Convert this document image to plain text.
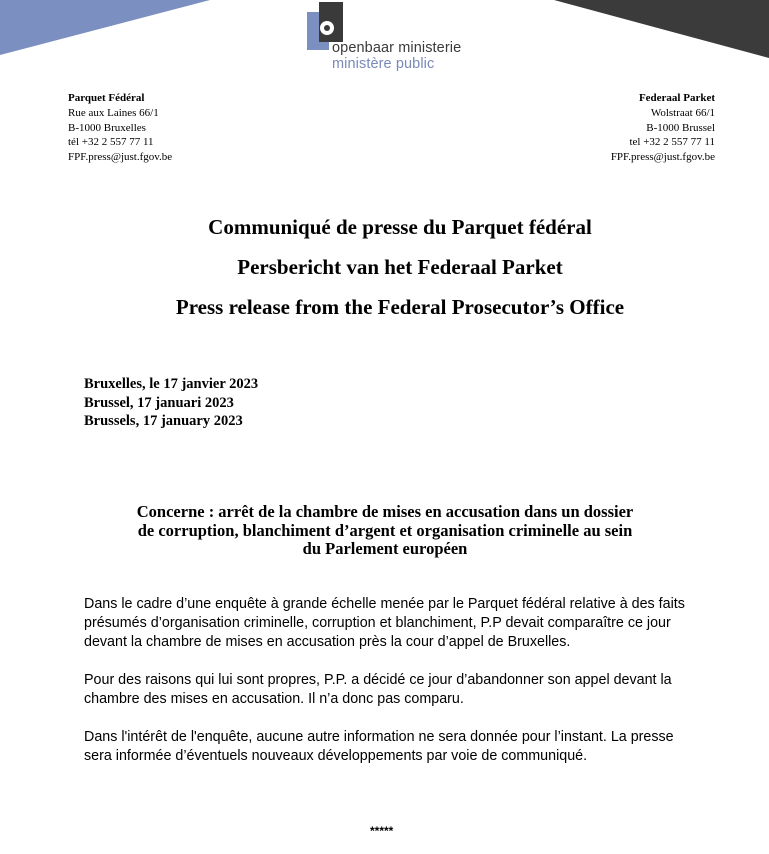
openbaar ministerie
ministère public
Parquet Fédéral
Rue aux Laines 66/1
B-1000 Bruxelles
tél +32 2 557 77 11
FPF.press@just.fgov.be
Federaal Parket
Wolstraat 66/1
B-1000 Brussel
tel +32 2 557 77 11
FPF.press@just.fgov.be
Communiqué de presse du Parquet fédéral
Persbericht van het Federaal Parket
Press release from the Federal Prosecutor’s Office
Bruxelles, le 17 janvier 2023
Brussel, 17 januari 2023
Brussels, 17 january 2023
Concerne : arrêt de la chambre de mises en accusation dans un dossier
de corruption, blanchiment d’argent et organisation criminelle au sein
du Parlement européen

Dans le cadre d’une enquête à grande échelle menée par le Parquet fédéral relative à des faits
présumés d’organisation criminelle, corruption et blanchiment, P.P devait comparaître ce jour
devant la chambre de mises en accusation près la cour d’appel de Bruxelles.

Pour des raisons qui lui sont propres, P.P. a décidé ce jour d’abandonner son appel devant la
chambre des mises en accusation. Il n’a donc pas comparu.

Dans l'intérêt de l'enquête, aucune autre information ne sera donnée pour l’instant. La presse
sera informée d’éventuels nouveaux développements par voie de communiqué.

*****
